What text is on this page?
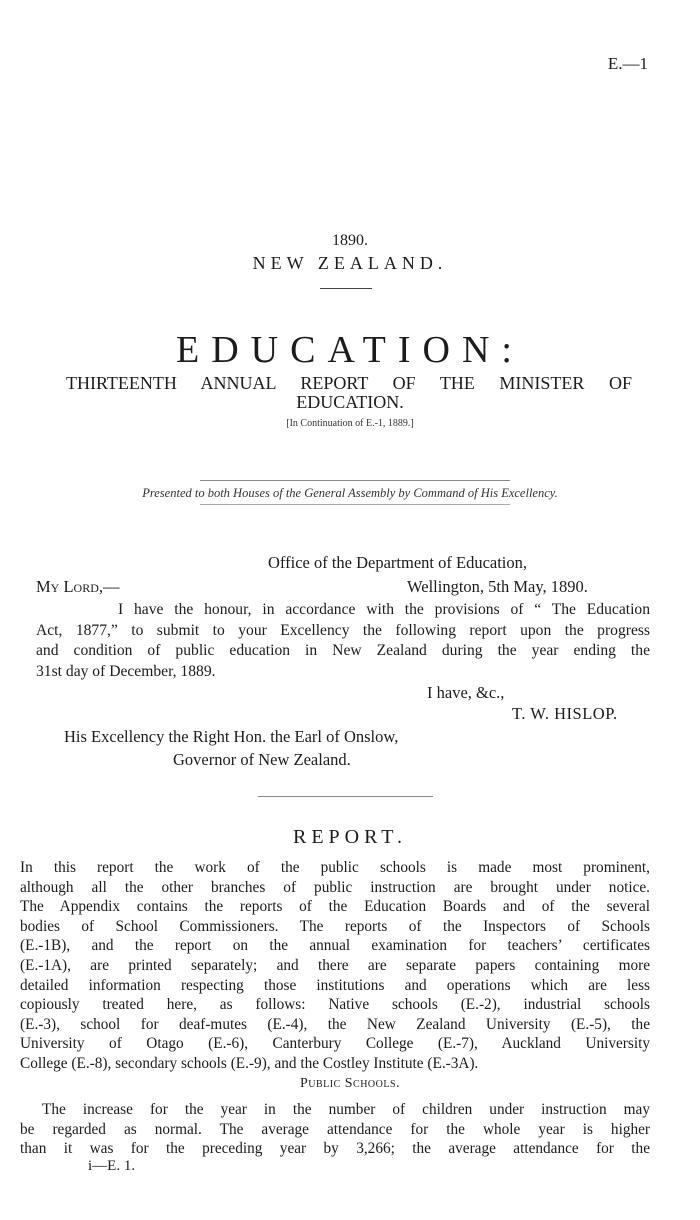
E.—1
1890.
NEW ZEALAND.
EDUCATION:
THIRTEENTH ANNUAL REPORT OF THE MINISTER OF
EDUCATION.
[In Continuation of E.-1, 1889.]
Presented to both Houses of the General Assembly by Command of His Excellency.
Office of the Department of Education,
My Lord,—	Wellington, 5th May, 1890.
I have the honour, in accordance with the provisions of “ The Education
Act, 1877,” to submit to your Excellency the following report upon the progress
and condition of public education in New Zealand during the year ending the
31st day of December, 1889.
I have, &c.,
T. W. HISLOP.
His Excellency the Right Hon. the Earl of Onslow,
Governor of New Zealand.
REPORT.
In this report the work of the public schools is made most prominent,
although all the other branches of public instruction are brought under notice.
The Appendix contains the reports of the Education Boards and of the several
bodies of School Commissioners. The reports of the Inspectors of Schools
(E.-1B), and the report on the annual examination for teachers’ certificates
(E.-1A), are printed separately; and there are separate papers containing more
detailed information respecting those institutions and operations which are less
copiously treated here, as follows: Native schools (E.-2), industrial schools
(E.-3), school for deaf-mutes (E.-4), the New Zealand University (E.-5), the
University of Otago (E.-6), Canterbury College (E.-7), Auckland University
College (E.-8), secondary schools (E.-9), and the Costley Institute (E.-3A).
Public Schools.
The increase for the year in the number of children under instruction may
be regarded as normal. The average attendance for the whole year is higher
than it was for the preceding year by 3,266; the average attendance for the
i—E. 1.
